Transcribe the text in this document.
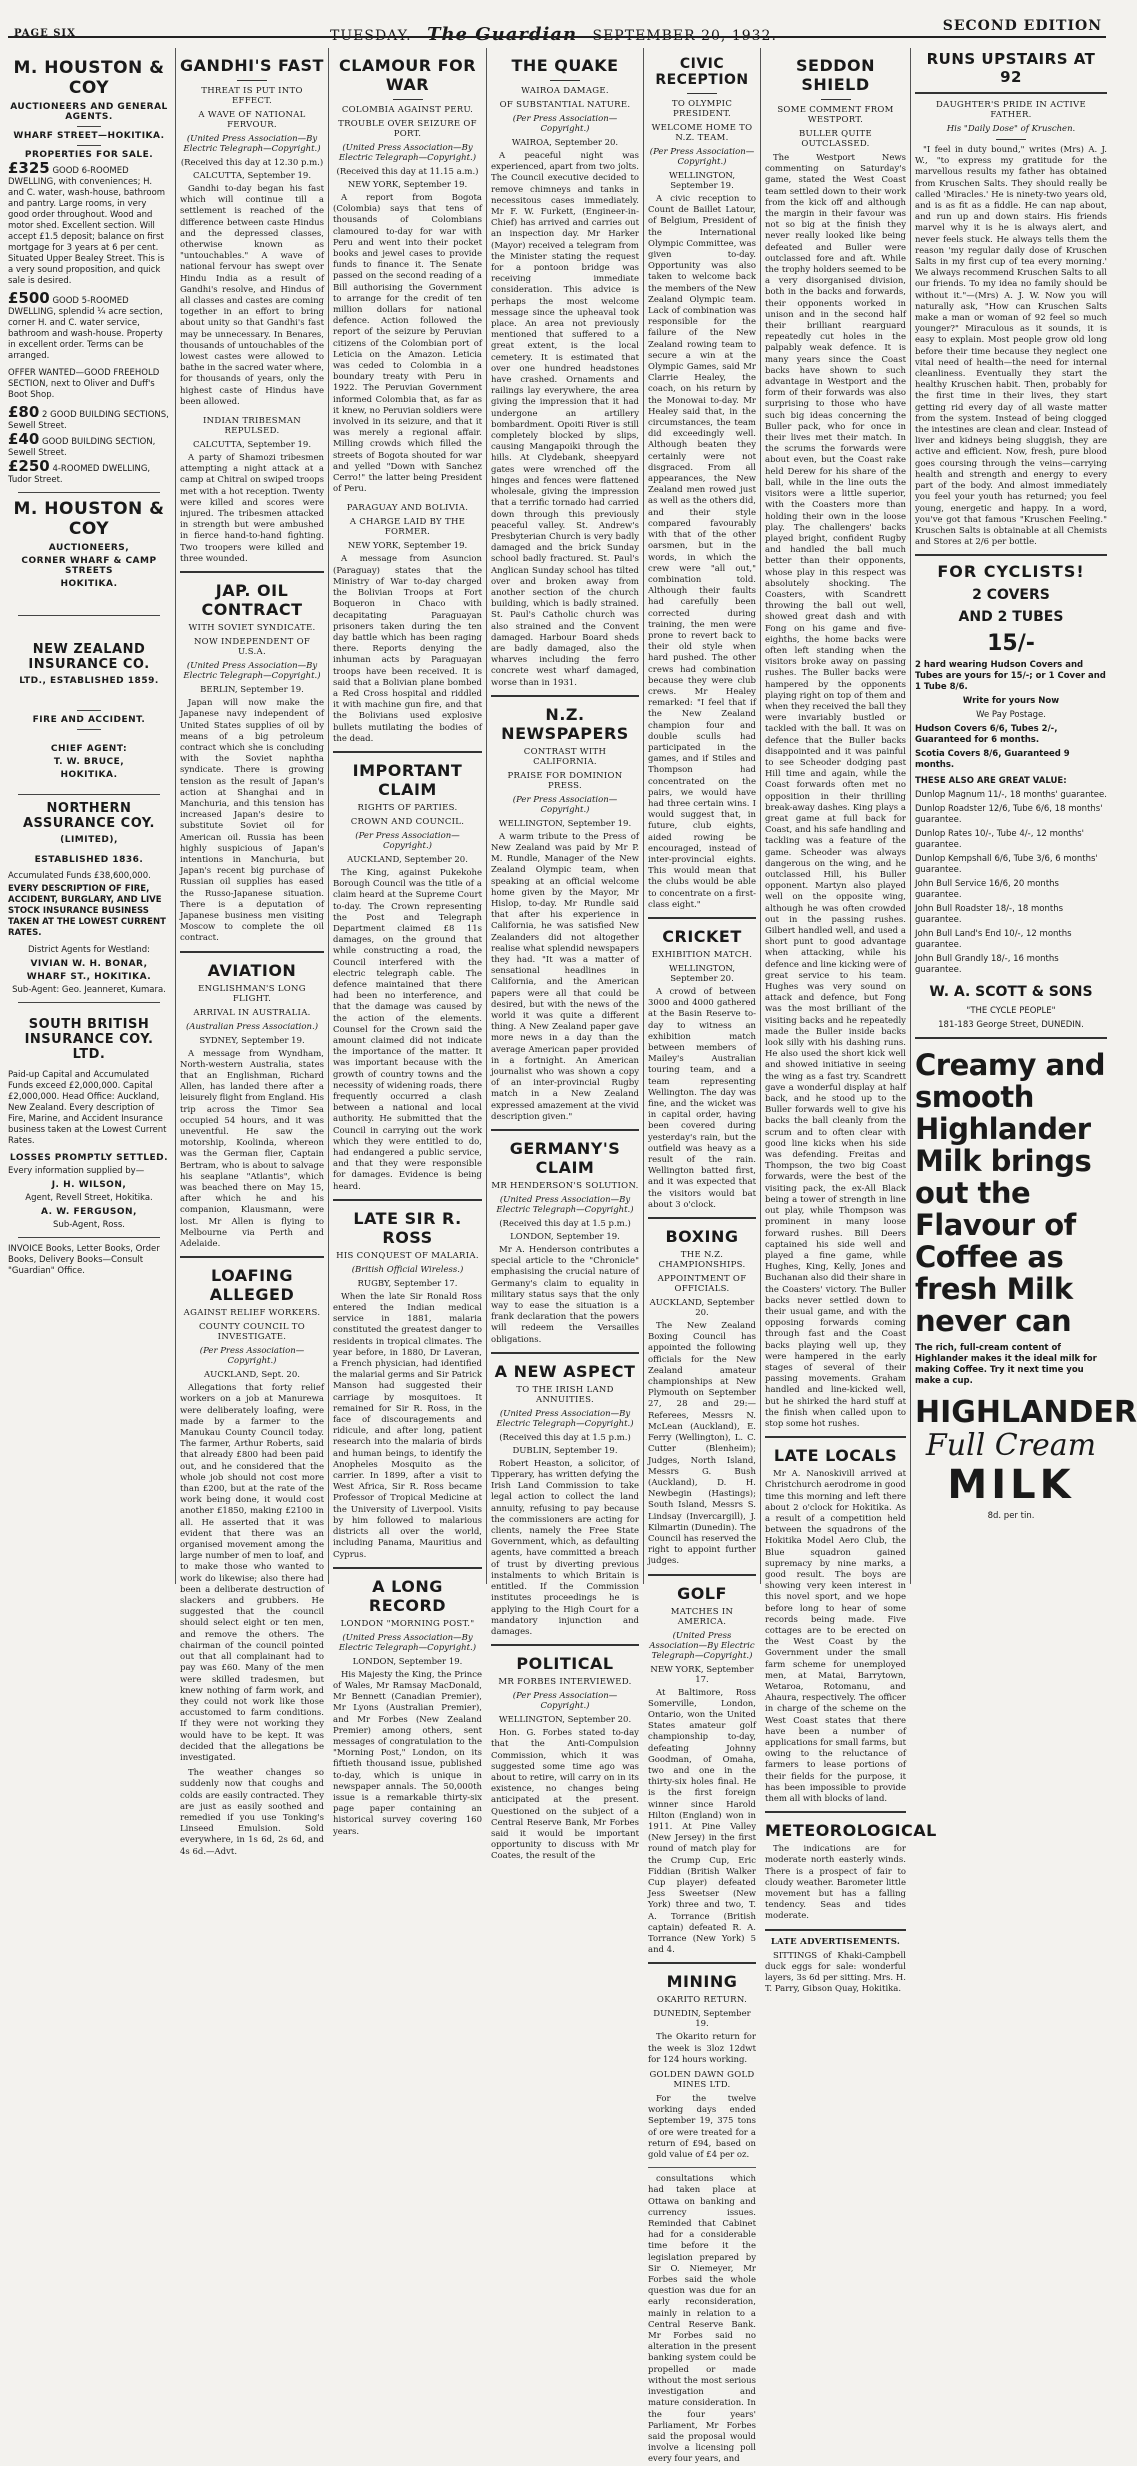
PAGE SIX	TUESDAY. The Guardian SEPTEMBER 20, 1932.
SECOND EDITION
M. HOUSTON & COY
AUCTIONEERS AND GENERAL AGENTS.
WHARF STREET—HOKITIKA.
PROPERTIES FOR SALE.
£325 GOOD 6-ROOMED DWELLING, with conveniences; H. and C. water, wash-house, bathroom and pantry. Large rooms, in very good order throughout. Wood and motor shed. Excellent section. Will accept £1.5 deposit; balance on first mortgage for 3 years at 6 per cent. Situated Upper Bealey Street. This is a very sound proposition, and quick sale is desired.
£500 GOOD 5-ROOMED DWELLING, splendid ¼ acre section, corner H. and C. water service, bathroom and wash-house. Property in excellent order. Terms can be arranged.
OFFER WANTED—GOOD FREEHOLD SECTION, next to Oliver and Duff's Boot Shop.
£80 2 GOOD BUILDING SECTIONS, Sewell Street.
£40 GOOD BUILDING SECTION, Sewell Street.
£250 4-ROOMED DWELLING, Tudor Street.
M. HOUSTON & COY
AUCTIONEERS,
CORNER WHARF & CAMP STREETS
HOKITIKA.
NEW ZEALAND INSURANCE CO.
LTD., ESTABLISHED 1859.
FIRE AND ACCIDENT.
CHIEF AGENT:
T. W. BRUCE,
HOKITIKA.
NORTHERN ASSURANCE COY.
(LIMITED),
ESTABLISHED 1836.
Accumulated Funds £38,600,000.
EVERY DESCRIPTION OF FIRE, ACCIDENT, BURGLARY, AND LIVE STOCK INSURANCE BUSINESS TAKEN AT THE LOWEST CURRENT RATES.
District Agents for Westland:
VIVIAN W. H. BONAR,
WHARF ST., HOKITIKA.
Sub-Agent: Geo. Jeanneret, Kumara.
SOUTH BRITISH INSURANCE COY. LTD.
Paid-up Capital and Accumulated Funds exceed £2,000,000. Capital £2,000,000. Head Office: Auckland, New Zealand. Every description of Fire, Marine, and Accident Insurance business taken at the Lowest Current Rates.
LOSSES PROMPTLY SETTLED.
Every information supplied by—
J. H. WILSON,
Agent, Revell Street, Hokitika.
A. W. FERGUSON,
Sub-Agent, Ross.
INVOICE Books, Letter Books, Order Books, Delivery Books—Consult "Guardian" Office.
GANDHI'S FAST
THREAT IS PUT INTO EFFECT.
A WAVE OF NATIONAL FERVOUR.
(United Press Association—By Electric Telegraph—Copyright.)
(Received this day at 12.30 p.m.)
CALCUTTA, September 19.

Gandhi to-day began his fast which will continue till a settlement is reached of the difference between caste Hindus and the depressed classes, otherwise known as "untouchables." A wave of national fervour has swept over Hindu India as a result of Gandhi's resolve, and Hindus of all classes and castes are coming together in an effort to bring about unity so that Gandhi's fast may be unnecessary. In Benares, thousands of untouchables of the lowest castes were allowed to bathe in the sacred water where, for thousands of years, only the highest caste of Hindus have been allowed.

INDIAN TRIBESMAN REPULSED.
CALCUTTA, September 19.

A party of Shamozi tribesmen attempting a night attack at a camp at Chitral on swiped troops met with a hot reception. Twenty were killed and scores were injured. The tribesmen attacked in strength but were ambushed in fierce hand-to-hand fighting. Two troopers were killed and three wounded.

JAP. OIL CONTRACT
WITH SOVIET SYNDICATE.
NOW INDEPENDENT OF U.S.A.
(United Press Association—By Electric Telegraph—Copyright.)
BERLIN, September 19.

Japan will now make the Japanese navy independent of United States supplies of oil by means of a big petroleum contract which she is concluding with the Soviet naphtha syndicate. There is growing tension as the result of Japan's action at Shanghai and in Manchuria, and this tension has increased Japan's desire to substitute Soviet oil for American oil. Russia has been highly suspicious of Japan's intentions in Manchuria, but Japan's recent big purchase of Russian oil supplies has eased the Russo-Japanese situation. There is a deputation of Japanese business men visiting Moscow to complete the oil contract.

AVIATION
ENGLISHMAN'S LONG FLIGHT.
ARRIVAL IN AUSTRALIA.
(Australian Press Association.)
SYDNEY, September 19.

A message from Wyndham, North-western Australia, states that an Englishman, Richard Allen, has landed there after a leisurely flight from England. His trip across the Timor Sea occupied 54 hours, and it was uneventful. He saw the motorship, Koolinda, whereon was the German flier, Captain Bertram, who is about to salvage his seaplane "Atlantis", which was beached there on May 15, after which he and his companion, Klausmann, were lost. Mr Allen is flying to Melbourne via Perth and Adelaide.

LOAFING ALLEGED
AGAINST RELIEF WORKERS.
COUNTY COUNCIL TO INVESTIGATE.
(Per Press Association—Copyright.)
AUCKLAND, Sept. 20.

Allegations that forty relief workers on a job at Manurewa were deliberately loafing, were made by a farmer to the Manukau County Council today. The farmer, Arthur Roberts, said that already £800 had been paid out, and he considered that the whole job should not cost more than £200, but at the rate of the work being done, it would cost another £1850, making £2100 in all. He asserted that it was evident that there was an organised movement among the large number of men to loaf, and to make those who wanted to work do likewise; also there had been a deliberate destruction of slackers and grubbers. He suggested that the council should select eight or ten men, and remove the others. The chairman of the council pointed out that all complainant had to pay was £60. Many of the men were skilled tradesmen, but knew nothing of farm work, and they could not work like those accustomed to farm conditions. If they were not working they would have to be kept. It was decided that the allegations be investigated.

The weather changes so suddenly now that coughs and colds are easily contracted. They are just as easily soothed and remedied if you use Tonking's Linseed Emulsion. Sold everywhere, in 1s 6d, 2s 6d, and 4s 6d.—Advt.

CLAMOUR FOR WAR
COLOMBIA AGAINST PERU.
TROUBLE OVER SEIZURE OF PORT.
(United Press Association—By Electric Telegraph—Copyright.)
(Received this day at 11.15 a.m.)
NEW YORK, September 19.

A report from Bogota (Colombia) says that tens of thousands of Colombians clamoured to-day for war with Peru and went into their pocket books and jewel cases to provide funds to finance it. The Senate passed on the second reading of a Bill authorising the Government to arrange for the credit of ten million dollars for national defence. Action followed the report of the seizure by Peruvian citizens of the Colombian port of Leticia on the Amazon. Leticia was ceded to Colombia in a boundary treaty with Peru in 1922. The Peruvian Government informed Colombia that, as far as it knew, no Peruvian soldiers were involved in its seizure, and that it was merely a regional affair. Milling crowds which filled the streets of Bogota shouted for war and yelled "Down with Sanchez Cerro!" the latter being President of Peru.

PARAGUAY AND BOLIVIA.
A CHARGE LAID BY THE FORMER.
NEW YORK, September 19.

A message from Asuncion (Paraguay) states that the Ministry of War to-day charged the Bolivian Troops at Fort Boqueron in Chaco with decapitating Paraguayan prisoners taken during the ten day battle which has been raging there. Reports denying the inhuman acts by Paraguayan troops have been received. It is said that a Bolivian plane bombed a Red Cross hospital and riddled it with machine gun fire, and that the Bolivians used explosive bullets mutilating the bodies of the dead.

IMPORTANT CLAIM
RIGHTS OF PARTIES.
CROWN AND COUNCIL.
(Per Press Association—Copyright.)
AUCKLAND, September 20.

The King, against Pukekohe Borough Council was the title of a claim heard at the Supreme Court to-day. The Crown representing the Post and Telegraph Department claimed £8 11s damages, on the ground that while constructing a road, the Council interfered with the electric telegraph cable. The defence maintained that there had been no interference, and that the damage was caused by the action of the elements. Counsel for the Crown said the amount claimed did not indicate the importance of the matter. It was important because with the growth of country towns and the necessity of widening roads, there frequently occurred a clash between a national and local authority. He submitted that the Council in carrying out the work which they were entitled to do, had endangered a public service, and that they were responsible for damages. Evidence is being heard.

LATE SIR R. ROSS
HIS CONQUEST OF MALARIA.
(British Official Wireless.)
RUGBY, September 17.

When the late Sir Ronald Ross entered the Indian medical service in 1881, malaria constituted the greatest danger to residents in tropical climates. The year before, in 1880, Dr Laveran, a French physician, had identified the malarial germs and Sir Patrick Manson had suggested their carriage by mosquitoes. It remained for Sir R. Ross, in the face of discouragements and ridicule, and after long, patient research into the malaria of birds and human beings, to identify the Anopheles Mosquito as the carrier. In 1899, after a visit to West Africa, Sir R. Ross became Professor of Tropical Medicine at the University of Liverpool. Visits by him followed to malarious districts all over the world, including Panama, Mauritius and Cyprus.

A LONG RECORD
LONDON "MORNING POST."
(United Press Association—By Electric Telegraph—Copyright.)
LONDON, September 19.

His Majesty the King, the Prince of Wales, Mr Ramsay MacDonald, Mr Bennett (Canadian Premier), Mr Lyons (Australian Premier), and Mr Forbes (New Zealand Premier) among others, sent messages of congratulation to the "Morning Post," London, on its fiftieth thousand issue, published to-day, which is unique in newspaper annals. The 50,000th issue is a remarkable thirty-six page paper containing an historical survey covering 160 years.

THE QUAKE
WAIROA DAMAGE.
OF SUBSTANTIAL NATURE.
(Per Press Association—Copyright.)
WAIROA, September 20.

A peaceful night was experienced, apart from two jolts. The Council executive decided to remove chimneys and tanks in necessitous cases immediately. Mr F. W. Furkett, (Engineer-in-Chief) has arrived and carries out an inspection day. Mr Harker (Mayor) received a telegram from the Minister stating the request for a pontoon bridge was receiving immediate consideration. This advice is perhaps the most welcome message since the upheaval took place. An area not previously mentioned that suffered to a great extent, is the local cemetery. It is estimated that over one hundred headstones have crashed. Ornaments and railings lay everywhere, the area giving the impression that it had undergone an artillery bombardment. Opoiti River is still completely blocked by slips, causing Mangapoiki through the hills. At Clydebank, sheepyard gates were wrenched off the hinges and fences were flattened wholesale, giving the impression that a terrific tornado had carried down through this previously peaceful valley. St. Andrew's Presbyterian Church is very badly damaged and the brick Sunday school badly fractured. St. Paul's Anglican Sunday school has tilted over and broken away from another section of the church building, which is badly strained. St. Paul's Catholic church was also strained and the Convent damaged. Harbour Board sheds are badly damaged, also the wharves including the ferro concrete west wharf damaged, worse than in 1931.

N.Z. NEWSPAPERS
CONTRAST WITH CALIFORNIA.
PRAISE FOR DOMINION PRESS.
(Per Press Association—Copyright.)
WELLINGTON, September 19.

A warm tribute to the Press of New Zealand was paid by Mr P. M. Rundle, Manager of the New Zealand Olympic team, when speaking at an official welcome home given by the Mayor, Mr Hislop, to-day. Mr Rundle said that after his experience in California, he was satisfied New Zealanders did not altogether realise what splendid newspapers they had. "It was a matter of sensational headlines in California, and the American papers were all that could be desired, but with the news of the world it was quite a different thing. A New Zealand paper gave more news in a day than the average American paper provided in a fortnight. An American journalist who was shown a copy of an inter-provincial Rugby match in a New Zealand expressed amazement at the vivid description given."

GERMANY'S CLAIM
MR HENDERSON'S SOLUTION.
(United Press Association—By Electric Telegraph—Copyright.)
(Received this day at 1.5 p.m.)
LONDON, September 19.

Mr A. Henderson contributes a special article to the "Chronicle" emphasising the crucial nature of Germany's claim to equality in military status says that the only way to ease the situation is a frank declaration that the powers will redeem the Versailles obligations.

A NEW ASPECT
TO THE IRISH LAND ANNUITIES.
(United Press Association—By Electric Telegraph—Copyright.)
(Received this day at 1.5 p.m.)
DUBLIN, September 19.

Robert Heaston, a solicitor, of Tipperary, has written defying the Irish Land Commission to take legal action to collect the land annuity, refusing to pay because the commissioners are acting for clients, namely the Free State Government, which, as defaulting agents, have committed a breach of trust by diverting previous instalments to which Britain is entitled. If the Commission institutes proceedings he is applying to the High Court for a mandatory injunction and damages.

POLITICAL
MR FORBES INTERVIEWED.
(Per Press Association—Copyright.)
WELLINGTON, September 20.

Hon. G. Forbes stated to-day that the Anti-Compulsion Commission, which it was suggested some time ago was about to retire, will carry on in its existence, no changes being anticipated at the present. Questioned on the subject of a Central Reserve Bank, Mr Forbes said it would be important opportunity to discuss with Mr Coates, the result of the

CIVIC RECEPTION
TO OLYMPIC PRESIDENT.
WELCOME HOME TO N.Z. TEAM.
(Per Press Association—Copyright.)
WELLINGTON, September 19.

A civic reception to Count de Baillet Latour, of Belgium, President of the International Olympic Committee, was given to-day. Opportunity was also taken to welcome back the members of the New Zealand Olympic team. Lack of combination was responsible for the failure of the New Zealand rowing team to secure a win at the Olympic Games, said Mr Clarrie Healey, the coach, on his return by the Monowai to-day. Mr Healey said that, in the circumstances, the team did exceedingly well. Although beaten they certainly were not disgraced. From all appearances, the New Zealand men rowed just as well as the others did, and their style compared favourably with that of the other oarsmen, but in the words, in which the crew were "all out," combination told. Although their faults had carefully been corrected during training, the men were prone to revert back to their old style when hard pushed. The other crews had combination because they were club crews. Mr Healey remarked: "I feel that if the New Zealand champion four and double sculls had participated in the games, and if Stiles and Thompson had concentrated on the pairs, we would have had three certain wins. I would suggest that, in future, club eights, aided rowing be encouraged, instead of inter-provincial eights. This would mean that the clubs would be able to concentrate on a first-class eight."

CRICKET
EXHIBITION MATCH.
WELLINGTON, September 20.

A crowd of between 3000 and 4000 gathered at the Basin Reserve to-day to witness an exhibition match between members of Mailey's Australian touring team, and a team representing Wellington. The day was fine, and the wicket was in capital order, having been covered during yesterday's rain, but the outfield was heavy as a result of the rain. Wellington batted first, and it was expected that the visitors would bat about 3 o'clock.

BOXING
THE N.Z. CHAMPIONSHIPS.
APPOINTMENT OF OFFICIALS.
AUCKLAND, September 20.

The New Zealand Boxing Council has appointed the following officials for the New Zealand amateur championships at New Plymouth on September 27, 28 and 29:—Referees, Messrs N. McLean (Auckland), E. Ferry (Wellington), L. C. Cutter (Blenheim); Judges, North Island, Messrs G. Bush (Auckland), D. H. Newbegin (Hastings); South Island, Messrs S. Lindsay (Invercargill), J. Kilmartin (Dunedin). The Council has reserved the right to appoint further judges.

GOLF
MATCHES IN AMERICA.
(United Press Association—By Electric Telegraph—Copyright.)
NEW YORK, September 17.

At Baltimore, Ross Somerville, London, Ontario, won the United States amateur golf championship to-day, defeating Johnny Goodman, of Omaha, two and one in the thirty-six holes final. He is the first foreign winner since Harold Hilton (England) won in 1911. At Pine Valley (New Jersey) in the first round of match play for the Crump Cup, Eric Fiddian (British Walker Cup player) defeated Jess Sweetser (New York) three and two, T. A. Torrance (British captain) defeated R. A. Torrance (New York) 5 and 4.

MINING
OKARITO RETURN.
DUNEDIN, September 19.

The Okarito return for the week is 3loz 12dwt for 124 hours working.

GOLDEN DAWN GOLD MINES LTD.

For the twelve working days ended September 19, 375 tons of ore were treated for a return of £94, based on gold value of £4 per oz.

consultations which had taken place at Ottawa on banking and currency issues. Reminded that Cabinet had for a considerable time before it the legislation prepared by Sir O. Niemeyer, Mr Forbes said the whole question was due for an early reconsideration, mainly in relation to a Central Reserve Bank. Mr Forbes said no alteration in the present banking system could be propelled or made without the most serious investigation and mature consideration. In the four years' Parliament, Mr Forbes said the proposal would involve a licensing poll every four years, and

SEDDON SHIELD
SOME COMMENT FROM WESTPORT.
BULLER QUITE OUTCLASSED.

The Westport News commenting on Saturday's game, stated the West Coast team settled down to their work from the kick off and although the margin in their favour was not so big at the finish they never really looked like being defeated and Buller were outclassed fore and aft. While the trophy holders seemed to be a very disorganised division, both in the backs and forwards, their opponents worked in unison and in the second half their brilliant rearguard repeatedly cut holes in the palpably weak defence. It is many years since the Coast backs have shown to such advantage in Westport and the form of their forwards was also surprising to those who have such big ideas concerning the Buller pack, who for once in their lives met their match. In the scrums the forwards were about even, but the Coast rake held Derew for his share of the ball, while in the line outs the visitors were a little superior, with the Coasters more than holding their own in the loose play. The challengers' backs played bright, confident Rugby and handled the ball much better than their opponents, whose play in this respect was absolutely shocking. The Coasters, with Scandrett throwing the ball out well, showed great dash and with Fong on his game and five-eighths, the home backs were often left standing when the visitors broke away on passing rushes. The Buller backs were hampered by the opponents playing right on top of them and when they received the ball they were invariably bustled or tackled with the ball. It was on defence that the Buller backs disappointed and it was painful to see Scheoder dodging past Hill time and again, while the Coast forwards often met no opposition in their thrilling break-away dashes. King plays a great game at full back for Coast, and his safe handling and tackling was a feature of the game. Scheoder was always dangerous on the wing, and he outclassed Hill, his Buller opponent. Martyn also played well on the opposite wing, although he was often crowded out in the passing rushes. Gilbert handled well, and used a short punt to good advantage when attacking, while his defence and line kicking were of great service to his team. Hughes was very sound on attack and defence, but Fong was the most brilliant of the visiting backs and he repeatedly made the Buller inside backs look silly with his dashing runs. He also used the short kick well and showed initiative in seeing the wing as a fast try. Scandrett gave a wonderful display at half back, and he stood up to the Buller forwards well to give his backs the ball cleanly from the scrum and to often clear with good line kicks when his side was defending. Freitas and Thompson, the two big Coast forwards, were the best of the visiting pack, the ex-All Black being a tower of strength in line out play, while Thompson was prominent in many loose forward rushes. Bill Deers captained his side well and played a fine game, while Hughes, King, Kelly, Jones and Buchanan also did their share in the Coasters' victory. The Buller backs never settled down to their usual game, and with the opposing forwards coming through fast and the Coast backs playing well up, they were hampered in the early stages of several of their passing movements. Graham handled and line-kicked well, but he shirked the hard stuff at the finish when called upon to stop some hot rushes.

LATE LOCALS

Mr A. Nanoskivill arrived at Christchurch aerodrome in good time this morning and left there about 2 o'clock for Hokitika. As a result of a competition held between the squadrons of the Hokitika Model Aero Club, the Blue squadron gained supremacy by nine marks, a good result. The boys are showing very keen interest in this novel sport, and we hope before long to hear of some records being made. Five cottages are to be erected on the West Coast by the Government under the small farm scheme for unemployed men, at Matai, Barrytown, Wetaroa, Rotomanu, and Ahaura, respectively. The officer in charge of the scheme on the West Coast states that there have been a number of applications for small farms, but owing to the reluctance of farmers to lease portions of their fields for the purpose, it has been impossible to provide them all with blocks of land.

METEOROLOGICAL

The indications are for moderate north easterly winds. There is a prospect of fair to cloudy weather. Barometer little movement but has a falling tendency. Seas and tides moderate.

LATE ADVERTISEMENTS.

SITTINGS of Khaki-Campbell duck eggs for sale: wonderful layers, 3s 6d per sitting. Mrs. H. T. Parry, Gibson Quay, Hokitika.

RUNS UPSTAIRS AT 92
DAUGHTER'S PRIDE IN ACTIVE FATHER.
His "Daily Dose" of Kruschen.

"I feel in duty bound," writes (Mrs) A. J. W., "to express my gratitude for the marvellous results my father has obtained from Kruschen Salts. They should really be called 'Miracles.' He is ninety-two years old, and is as fit as a fiddle. He can nap about, and run up and down stairs. His friends marvel why it is he is always alert, and never feels stuck. He always tells them the reason 'my regular daily dose of Kruschen Salts in my first cup of tea every morning.' We always recommend Kruschen Salts to all our friends. To my idea no family should be without it."—(Mrs) A. J. W. Now you will naturally ask, "How can Kruschen Salts make a man or woman of 92 feel so much younger?" Miraculous as it sounds, it is easy to explain. Most people grow old long before their time because they neglect one vital need of health—the need for internal cleanliness. Eventually they start the healthy Kruschen habit. Then, probably for the first time in their lives, they start getting rid every day of all waste matter from the system. Instead of being clogged the intestines are clean and clear. Instead of liver and kidneys being sluggish, they are active and efficient. Now, fresh, pure blood goes coursing through the veins—carrying health and strength and energy to every part of the body. And almost immediately you feel your youth has returned; you feel young, energetic and happy. In a word, you've got that famous "Kruschen Feeling." Kruschen Salts is obtainable at all Chemists and Stores at 2/6 per bottle.

FOR CYCLISTS!
2 COVERS
AND 2 TUBES
15/-
2 hard wearing Hudson Covers and Tubes are yours for 15/-; or 1 Cover and 1 Tube 8/6.
Write for yours Now
We Pay Postage.
Hudson Covers 6/6, Tubes 2/-, Guaranteed for 6 months.
Scotia Covers 8/6, Guaranteed 9 months.
THESE ALSO ARE GREAT VALUE:
Dunlop Magnum 11/-, 18 months' guarantee.
Dunlop Roadster 12/6, Tube 6/6, 18 months' guarantee.
Dunlop Rates 10/-, Tube 4/-, 12 months' guarantee.
Dunlop Kempshall 6/6, Tube 3/6, 6 months' guarantee.
John Bull Service 16/6, 20 months guarantee.
John Bull Roadster 18/-, 18 months guarantee.
John Bull Land's End 10/-, 12 months guarantee.
John Bull Grandly 18/-, 16 months guarantee.
W. A. SCOTT & SONS
"THE CYCLE PEOPLE"
181-183 George Street, DUNEDIN.
Creamy and smooth Highlander Milk brings out the Flavour of Coffee as fresh Milk never can
The rich, full-cream content of Highlander makes it the ideal milk for making Coffee. Try it next time you make a cup.
HIGHLANDER
Full Cream
MILK
8d. per tin.
